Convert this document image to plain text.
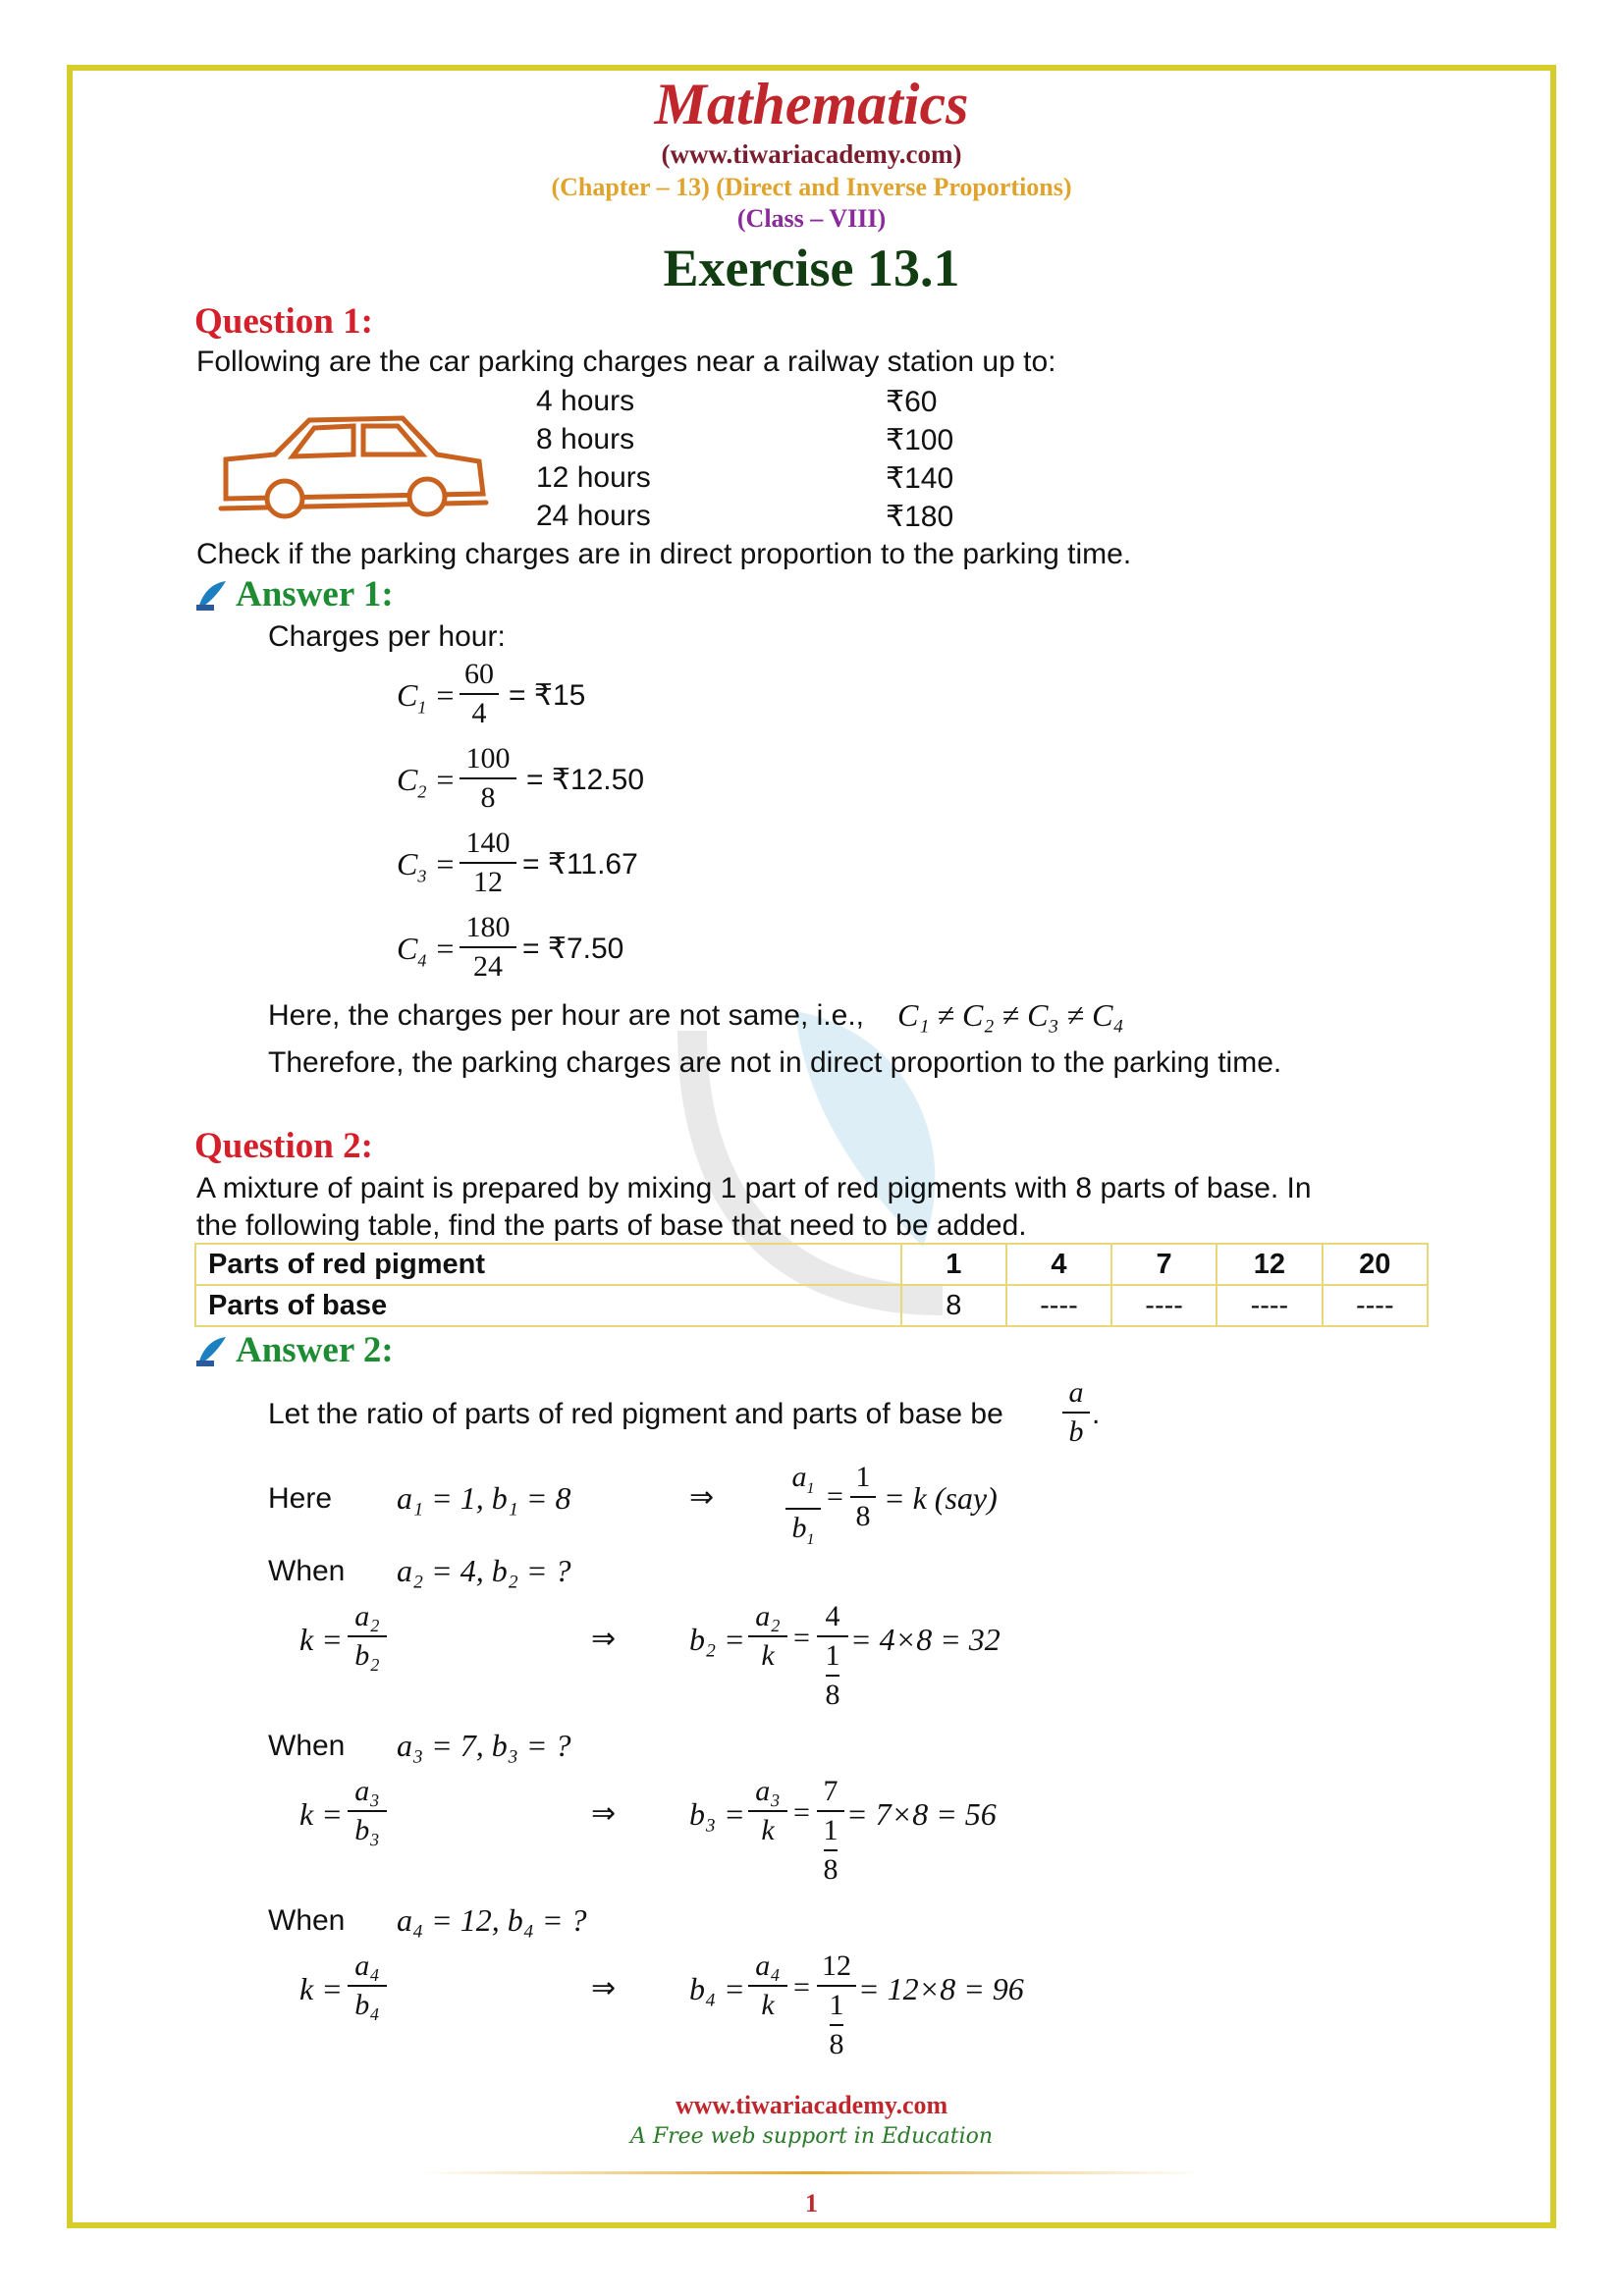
Mathematics
(www.tiwariacademy.com)
(Chapter – 13) (Direct and Inverse Proportions)
(Class – VIII)
Exercise 13.1
Question 1:
Following are the car parking charges near a railway station up to:
4 hours	₹60
8 hours	₹100
12 hours	₹140
24 hours	₹180
Check if the parking charges are in direct proportion to the parking time.
Answer 1:
Charges per hour:
$C_1$ =
60
4
= ₹15
$C_2$ =
100
8
= ₹12.50
$C_3$ =
140
12
= ₹11.67
$C_4$ =
180
24
= ₹7.50
Here, the charges per hour are not same, i.e., C₁ ≠ C₂ ≠ C₃ ≠ C₄
Therefore, the parking charges are not in direct proportion to the parking time.
Question 2:
A mixture of paint is prepared by mixing 1 part of red pigments with 8 parts of base. In
the following table, find the parts of base that need to be added.
Parts of red pigment	1	4	7	12	20
Parts of base	8	----	----	----	----
Answer 2:
Let the ratio of parts of red pigment and parts of base be
a
b
.
Here a₁ = 1, b₁ = 8	⇒
$a_1$
$b_1$
=
1
8
= k (say)
When a₂ = 4, b₂ = ?
k =
a₂
b₂
⇒ b₂ =
a₂
k
=
4
1
8
= 4×8 = 32
When a₃ = 7, b₃ = ?
k =
a₃
b₃
⇒ b₃ =
a₃
k
=
7
1
8
= 7×8 = 56
When a₄ = 12, b₄ = ?
k =
a₄
b₄
⇒ b₄ =
a₄
k
=
12
1
8
= 12×8 = 96
www.tiwariacademy.com
A Free web support in Education
1
